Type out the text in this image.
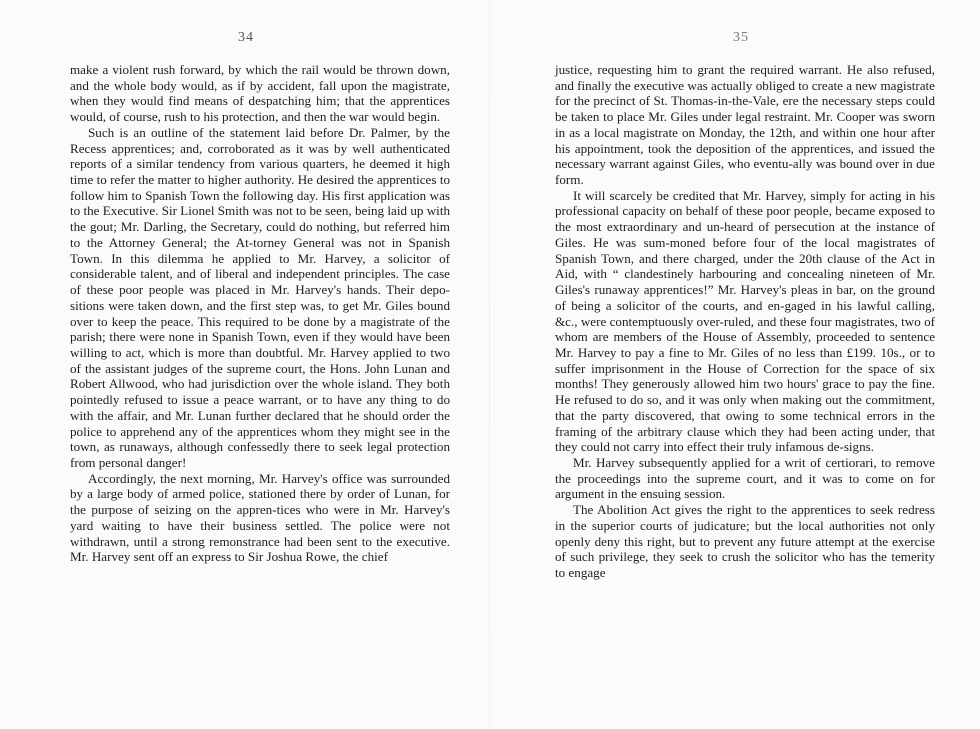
34

make a violent rush forward, by which the rail would be thrown down, and the whole body would, as if by accident, fall upon the magistrate, when they would find means of despatching him; that the apprentices would, of course, rush to his protection, and then the war would begin.

Such is an outline of the statement laid before Dr. Palmer, by the Recess apprentices; and, corroborated as it was by well authenticated reports of a similar tendency from various quarters, he deemed it high time to refer the matter to higher authority. He desired the apprentices to follow him to Spanish Town the following day. His first application was to the Executive. Sir Lionel Smith was not to be seen, being laid up with the gout; Mr. Darling, the Secretary, could do nothing, but referred him to the Attorney General; the At-torney General was not in Spanish Town. In this dilemma he applied to Mr. Harvey, a solicitor of considerable talent, and of liberal and independent principles. The case of these poor people was placed in Mr. Harvey's hands. Their depo-sitions were taken down, and the first step was, to get Mr. Giles bound over to keep the peace. This required to be done by a magistrate of the parish; there were none in Spanish Town, even if they would have been willing to act, which is more than doubtful. Mr. Harvey applied to two of the assistant judges of the supreme court, the Hons. John Lunan and Robert Allwood, who had jurisdiction over the whole island. They both pointedly refused to issue a peace warrant, or to have any thing to do with the affair, and Mr. Lunan further declared that he should order the police to apprehend any of the apprentices whom they might see in the town, as runaways, although confessedly there to seek legal protection from personal danger!

Accordingly, the next morning, Mr. Harvey's office was surrounded by a large body of armed police, stationed there by order of Lunan, for the purpose of seizing on the appren-tices who were in Mr. Harvey's yard waiting to have their business settled. The police were not withdrawn, until a strong remonstrance had been sent to the executive. Mr. Harvey sent off an express to Sir Joshua Rowe, the chief

35

justice, requesting him to grant the required warrant. He also refused, and finally the executive was actually obliged to create a new magistrate for the precinct of St. Thomas-in-the-Vale, ere the necessary steps could be taken to place Mr. Giles under legal restraint. Mr. Cooper was sworn in as a local magistrate on Monday, the 12th, and within one hour after his appointment, took the deposition of the apprentices, and issued the necessary warrant against Giles, who eventu-ally was bound over in due form.

It will scarcely be credited that Mr. Harvey, simply for acting in his professional capacity on behalf of these poor people, became exposed to the most extraordinary and un-heard of persecution at the instance of Giles. He was sum-moned before four of the local magistrates of Spanish Town, and there charged, under the 20th clause of the Act in Aid, with “ clandestinely harbouring and concealing nineteen of Mr. Giles's runaway apprentices!” Mr. Harvey's pleas in bar, on the ground of being a solicitor of the courts, and en-gaged in his lawful calling, &c., were contemptuously over-ruled, and these four magistrates, two of whom are members of the House of Assembly, proceeded to sentence Mr. Harvey to pay a fine to Mr. Giles of no less than £199. 10s., or to suffer imprisonment in the House of Correction for the space of six months! They generously allowed him two hours' grace to pay the fine. He refused to do so, and it was only when making out the commitment, that the party discovered, that owing to some technical errors in the framing of the arbitrary clause which they had been acting under, that they could not carry into effect their truly infamous de-signs.

Mr. Harvey subsequently applied for a writ of certiorari, to remove the proceedings into the supreme court, and it was to come on for argument in the ensuing session.

The Abolition Act gives the right to the apprentices to seek redress in the superior courts of judicature; but the local authorities not only openly deny this right, but to prevent any future attempt at the exercise of such privilege, they seek to crush the solicitor who has the temerity to engage
